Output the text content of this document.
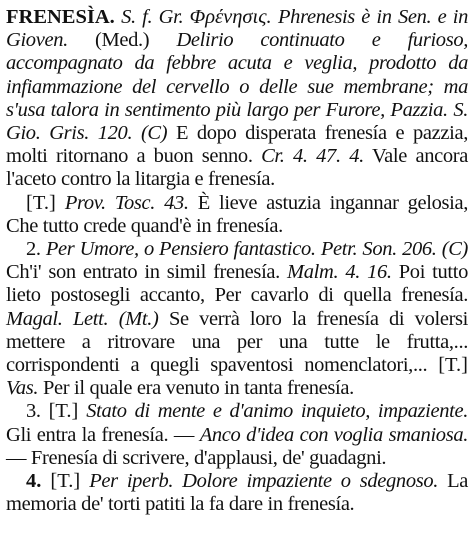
FRENESÌA. S. f. Gr. Φρένησις. Phrenesis è in Sen. e in Gioven. (Med.) Delirio continuato e furioso, accompagnato da febbre acuta e veglia, prodotto da infiammazione del cervello o delle sue membrane; ma s'usa talora in sentimento più largo per Furore, Pazzia. S. Gio. Gris. 120. (C) E dopo disperata frenesía e pazzia, molti ritornano a buon senno. Cr. 4. 47. 4. Vale ancora l'aceto contro la litargia e frenesía.

[T.] Prov. Tosc. 43. È lieve astuzia ingannar gelosia, Che tutto crede quand'è in frenesía.

2. Per Umore, o Pensiero fantastico. Petr. Son. 206. (C) Ch'i' son entrato in simil frenesía. Malm. 4. 16. Poi tutto lieto postosegli accanto, Per cavarlo di quella frenesía. Magal. Lett. (Mt.) Se verrà loro la frenesía di volersi mettere a ritrovare una per una tutte le frutta,... corrispondenti a quegli spaventosi nomenclatori,... [T.] Vas. Per il quale era venuto in tanta frenesía.

3. [T.] Stato di mente e d'animo inquieto, impaziente. Gli entra la frenesía. — Anco d'idea con voglia smaniosa. — Frenesía di scrivere, d'applausi, de' guadagni.

4. [T.] Per iperb. Dolore impaziente o sdegnoso. La memoria de' torti patiti la fa dare in frenesía.
